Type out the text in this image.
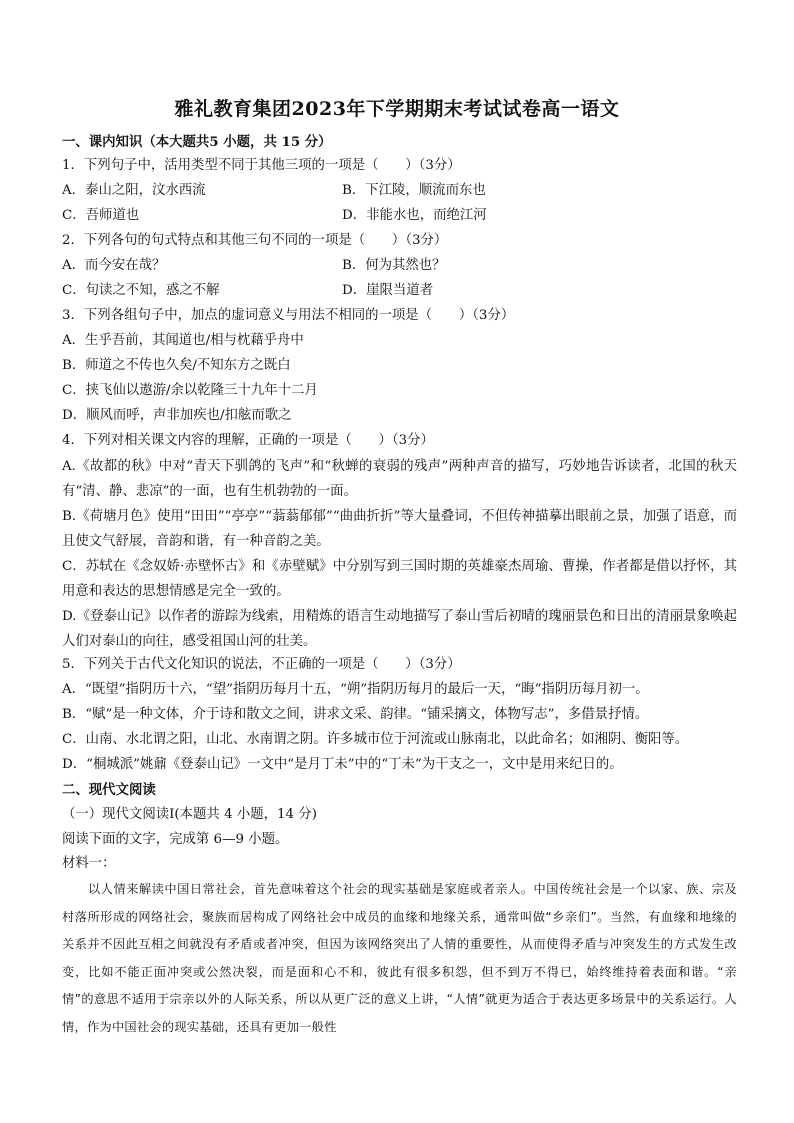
雅礼教育集团2023年下学期期末考试试卷高一语文
一、课内知识（本大题共5 小题，共 15 分）
1．下列句子中，活用类型不同于其他三项的一项是（　　）（3分）
A．泰山之阳，汶水西流	B．下江陵，顺流而东也
C．吾师道也	D．非能水也，而绝江河
2．下列各句的句式特点和其他三句不同的一项是（　　）（3分）
A．而今安在哉？	B．何为其然也？
C．句读之不知，惑之不解	D．崖限当道者
3．下列各组句子中，加点的虚词意义与用法不相同的一项是（　　）（3分）
A．生乎吾前，其闻道也/相与枕藉乎舟中
B．师道之不传也久矣/不知东方之既白
C．挟飞仙以遨游/余以乾隆三十九年十二月
D．顺风而呼，声非加疾也/扣舷而歌之
4．下列对相关课文内容的理解，正确的一项是（　　）（3分）
A.《故都的秋》中对“青天下驯鸽的飞声”和“秋蝉的衰弱的残声”两种声音的描写，巧妙地告诉读者，北国的秋天有“清、静、悲凉”的一面，也有生机勃勃的一面。
B.《荷塘月色》使用“田田”“亭亭”“蓊蓊郁郁”“曲曲折折”等大量叠词，不但传神描摹出眼前之景，加强了语意，而且使文气舒展，音韵和谐，有一种音韵之美。
C．苏轼在《念奴娇·赤壁怀古》和《赤壁赋》中分别写到三国时期的英雄豪杰周瑜、曹操，作者都是借以抒怀，其用意和表达的思想情感是完全一致的。
D.《登泰山记》以作者的游踪为线索，用精炼的语言生动地描写了泰山雪后初晴的瑰丽景色和日出的清丽景象唤起人们对泰山的向往，感受祖国山河的壮美。
5．下列关于古代文化知识的说法，不正确的一项是（　　）（3分）
A．“既望”指阴历十六，“望”指阴历每月十五，“朔”指阴历每月的最后一天，“晦”指阴历每月初一。
B．“赋”是一种文体，介于诗和散文之间，讲求文采、韵律。“铺采摛文，体物写志”，多借景抒情。
C．山南、水北谓之阳，山北、水南谓之阴。许多城市位于河流或山脉南北，以此命名；如湘阴、衡阳等。
D．“桐城派”姚鼐《登泰山记》一文中“是月丁未”中的“丁未”为干支之一，文中是用来纪日的。
二、现代文阅读
（一）现代文阅读Ⅰ(本题共 4 小题，14 分)
阅读下面的文字，完成第 6—9 小题。
材料一：
以人情来解读中国日常社会，首先意味着这个社会的现实基础是家庭或者亲人。中国传统社会是一个以家、族、宗及村落所形成的网络社会，聚族而居构成了网络社会中成员的血缘和地缘关系，通常叫做“乡亲们”。当然，有血缘和地缘的关系并不因此互相之间就没有矛盾或者冲突，但因为该网络突出了人情的重要性，从而使得矛盾与冲突发生的方式发生改变，比如不能正面冲突或公然决裂，而是面和心不和，彼此有很多积怨，但不到万不得已，始终维持着表面和谐。“亲情”的意思不适用于宗亲以外的人际关系，所以从更广泛的意义上讲，“人情”就更为适合于表达更多场景中的关系运行。人情，作为中国社会的现实基础，还具有更加一般性
